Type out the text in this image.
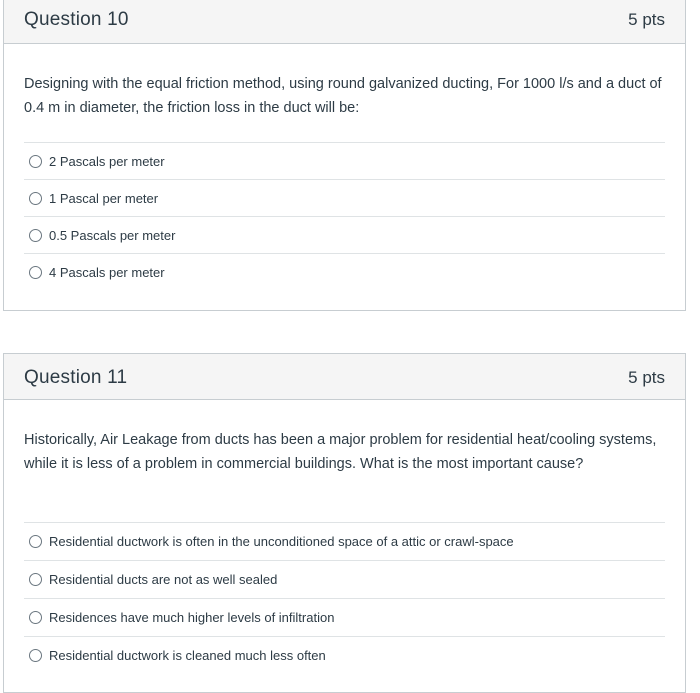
Question 10	5 pts
Designing with the equal friction method, using round galvanized ducting, For 1000 l/s and a duct of 0.4 m in diameter, the friction loss in the duct will be:
2 Pascals per meter
1 Pascal per meter
0.5 Pascals per meter
4 Pascals per meter
Question 11	5 pts
Historically, Air Leakage from ducts has been a major problem for residential heat/cooling systems, while it is less of a problem in commercial buildings. What is the most important cause?
Residential ductwork is often in the unconditioned space of a attic or crawl-space
Residential ducts are not as well sealed
Residences have much higher levels of infiltration
Residential ductwork is cleaned much less often
